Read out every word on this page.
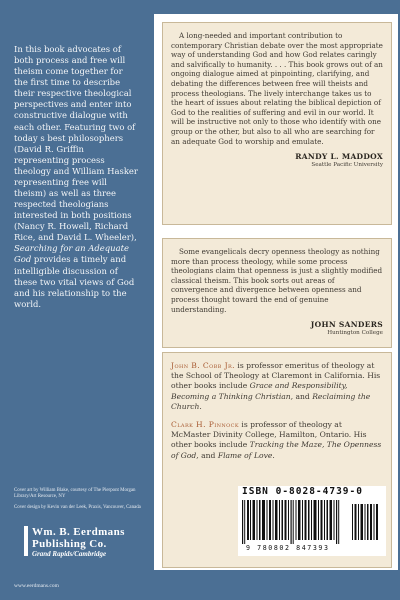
In this book advocates of both process and free will theism come together for the first time to describe their respective theological perspectives and enter into constructive dialogue with each other. Featuring two of today s best philosophers (David R. Griffin representing process theology and William Hasker representing free will theism) as well as three respected theologians interested in both positions (Nancy R. Howell, Richard Rice, and David L. Wheeler), Searching for an Adequate God provides a timely and intelligible discussion of these two vital views of God and his relationship to the world.

Cover art by William Blake, courtesy of The Pierpont Morgan Library/Art Resource, NY

Cover design by Kevin van der Leek, Praxis, Vancouver, Canada

Wm. B. Eerdmans
Publishing Co.
Grand Rapids/Cambridge
www.eerdmans.com

A long-needed and important contribution to contemporary Christian debate over the most appropriate way of understanding God and how God relates caringly and salvifically to humanity. . . . This book grows out of an ongoing dialogue aimed at pinpointing, clarifying, and debating the differences between free will theists and process theologians. The lively interchange takes us to the heart of issues about relating the biblical depiction of God to the realities of suffering and evil in our world. It will be instructive not only to those who identify with one group or the other, but also to all who are searching for an adequate God to worship and emulate.

RANDY L. MADDOX
Seattle Pacific University

Some evangelicals decry openness theology as nothing more than process theology, while some process theologians claim that openness is just a slightly modified classical theism. This book sorts out areas of convergence and divergence between openness and process thought toward the end of genuine understanding.

JOHN SANDERS
Huntington College

John B. Cobb Jr. is professor emeritus of theology at the School of Theology at Claremont in California. His other books include Grace and Responsibility, Becoming a Thinking Christian, and Reclaiming the Church.

Clark H. Pinnock is professor of theology at McMaster Divinity College, Hamilton, Ontario. His other books include Tracking the Maze, The Openness of God, and Flame of Love.

ISBN 0-8028-4739-0
9 780802 847393
